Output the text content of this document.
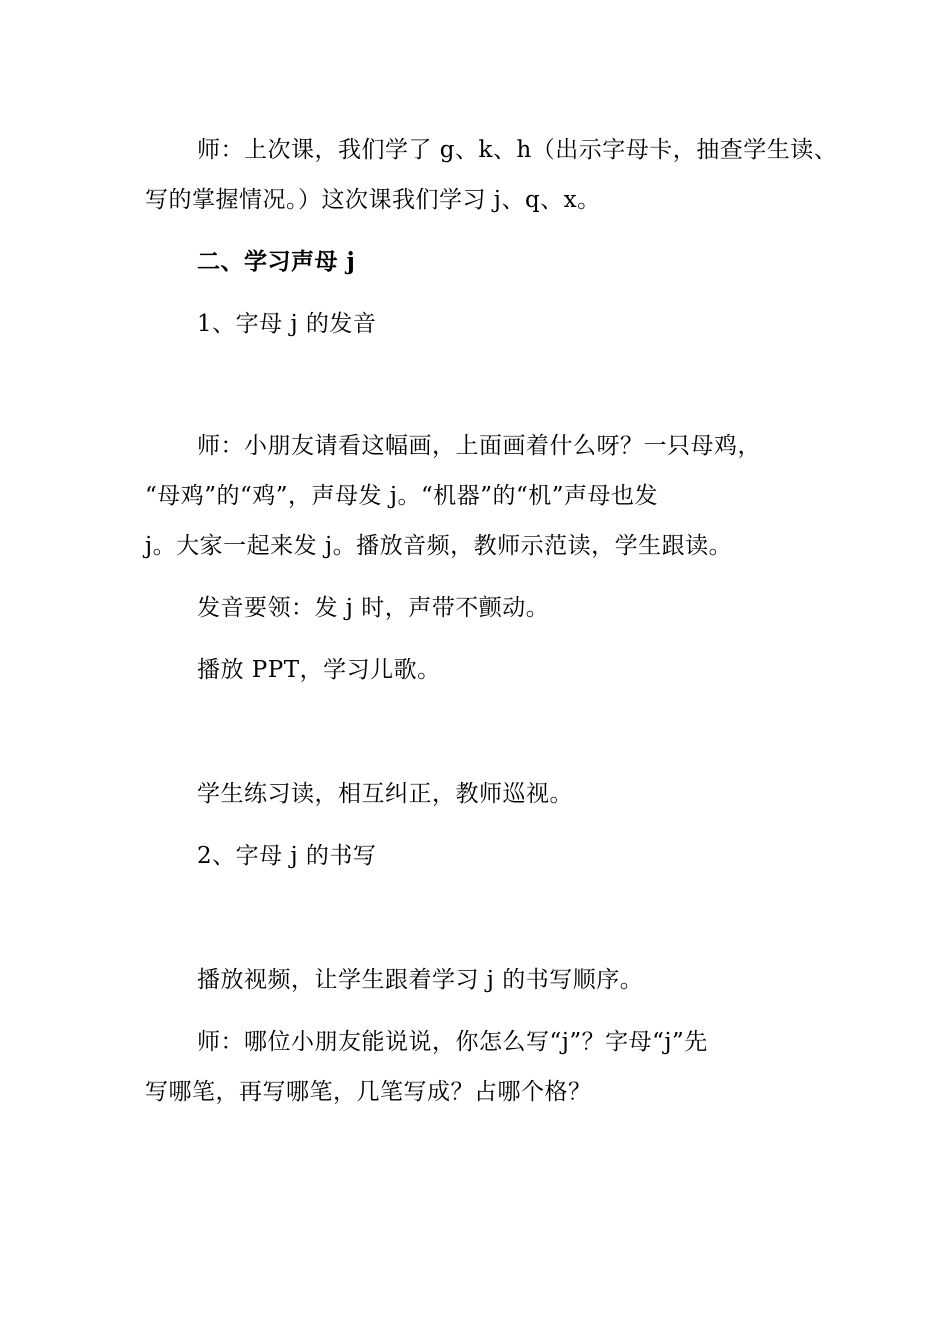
师：上次课，我们学了 g、k、h（出示字母卡，抽查学生读、
写的掌握情况。）这次课我们学习 j、q、x。
二、学习声母 j
1、字母 j 的发音
师：小朋友请看这幅画，上面画着什么呀？一只母鸡，
“母鸡”的“鸡”，声母发 j。“机器”的“机”声母也发
j。大家一起来发 j。播放音频，教师示范读，学生跟读。
发音要领：发 j 时，声带不颤动。
播放 PPT，学习儿歌。
学生练习读，相互纠正，教师巡视。
2、字母 j 的书写
播放视频，让学生跟着学习 j 的书写顺序。
师：哪位小朋友能说说，你怎么写“j”？字母“j”先
写哪笔，再写哪笔，几笔写成？占哪个格？
